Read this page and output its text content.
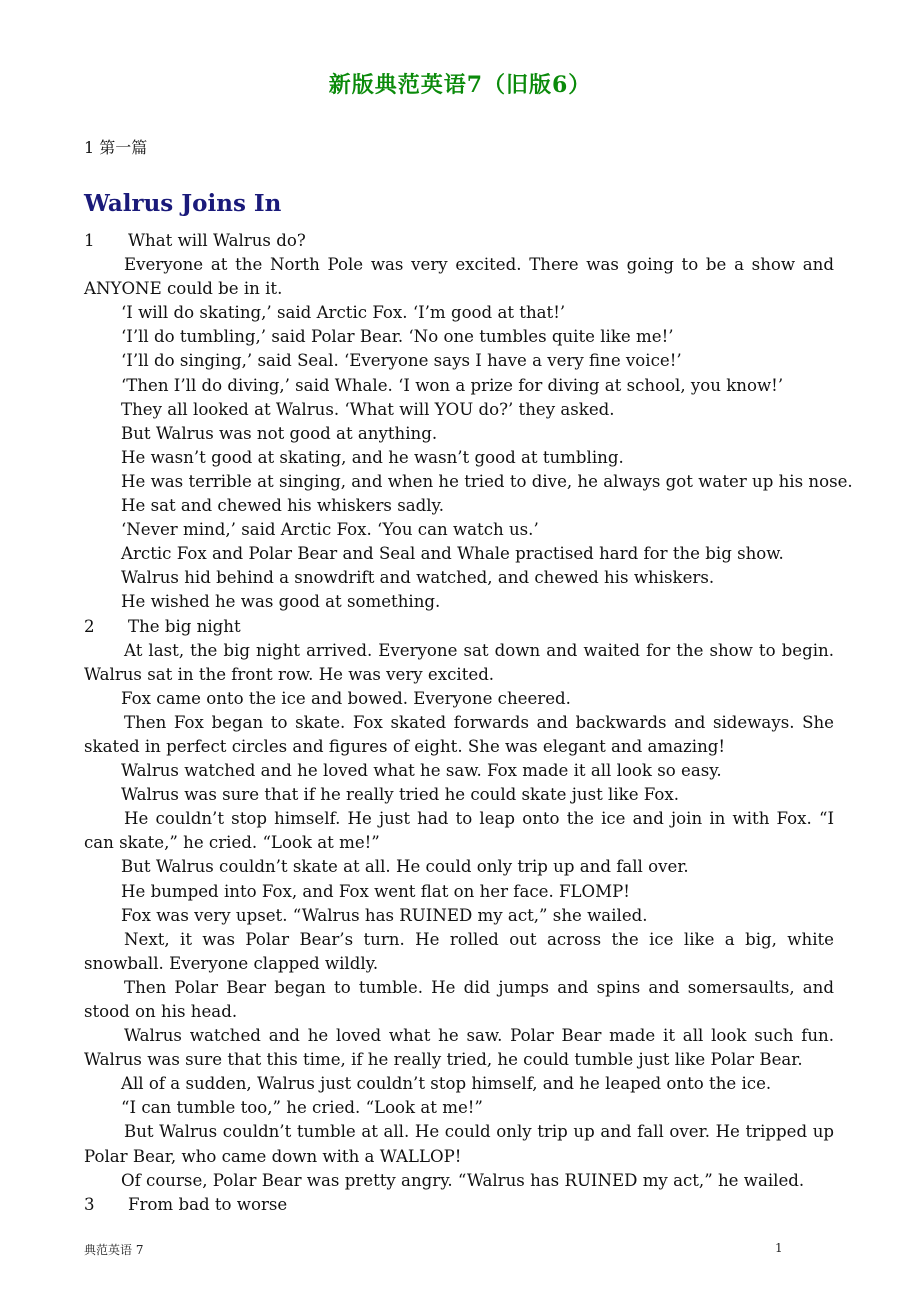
新版典范英语7（旧版6）
1 第一篇
Walrus Joins In
1 What will Walrus do?
Everyone at the North Pole was very excited. There was going to be a show and ANYONE could be in it.
‘I will do skating,’ said Arctic Fox. ‘I’m good at that!’
‘I’ll do tumbling,’ said Polar Bear. ‘No one tumbles quite like me!’
‘I’ll do singing,’ said Seal. ‘Everyone says I have a very fine voice!’
‘Then I’ll do diving,’ said Whale. ‘I won a prize for diving at school, you know!’
They all looked at Walrus. ‘What will YOU do?’ they asked.
But Walrus was not good at anything.
He wasn’t good at skating, and he wasn’t good at tumbling.
He was terrible at singing, and when he tried to dive, he always got water up his nose.
He sat and chewed his whiskers sadly.
‘Never mind,’ said Arctic Fox. ‘You can watch us.’
Arctic Fox and Polar Bear and Seal and Whale practised hard for the big show.
Walrus hid behind a snowdrift and watched, and chewed his whiskers.
He wished he was good at something.
2 The big night
At last, the big night arrived. Everyone sat down and waited for the show to begin. Walrus sat in the front row. He was very excited.
Fox came onto the ice and bowed. Everyone cheered.
Then Fox began to skate. Fox skated forwards and backwards and sideways. She skated in perfect circles and figures of eight. She was elegant and amazing!
Walrus watched and he loved what he saw. Fox made it all look so easy.
Walrus was sure that if he really tried he could skate just like Fox.
He couldn’t stop himself. He just had to leap onto the ice and join in with Fox. “I can skate,” he cried. “Look at me!”
But Walrus couldn’t skate at all. He could only trip up and fall over.
He bumped into Fox, and Fox went flat on her face. FLOMP!
Fox was very upset. “Walrus has RUINED my act,” she wailed.
Next, it was Polar Bear’s turn. He rolled out across the ice like a big, white snowball. Everyone clapped wildly.
Then Polar Bear began to tumble. He did jumps and spins and somersaults, and stood on his head.
Walrus watched and he loved what he saw. Polar Bear made it all look such fun. Walrus was sure that this time, if he really tried, he could tumble just like Polar Bear.
All of a sudden, Walrus just couldn’t stop himself, and he leaped onto the ice.
“I can tumble too,” he cried. “Look at me!”
But Walrus couldn’t tumble at all. He could only trip up and fall over. He tripped up Polar Bear, who came down with a WALLOP!
Of course, Polar Bear was pretty angry. “Walrus has RUINED my act,” he wailed.
3 From bad to worse
典范英语 7	1
